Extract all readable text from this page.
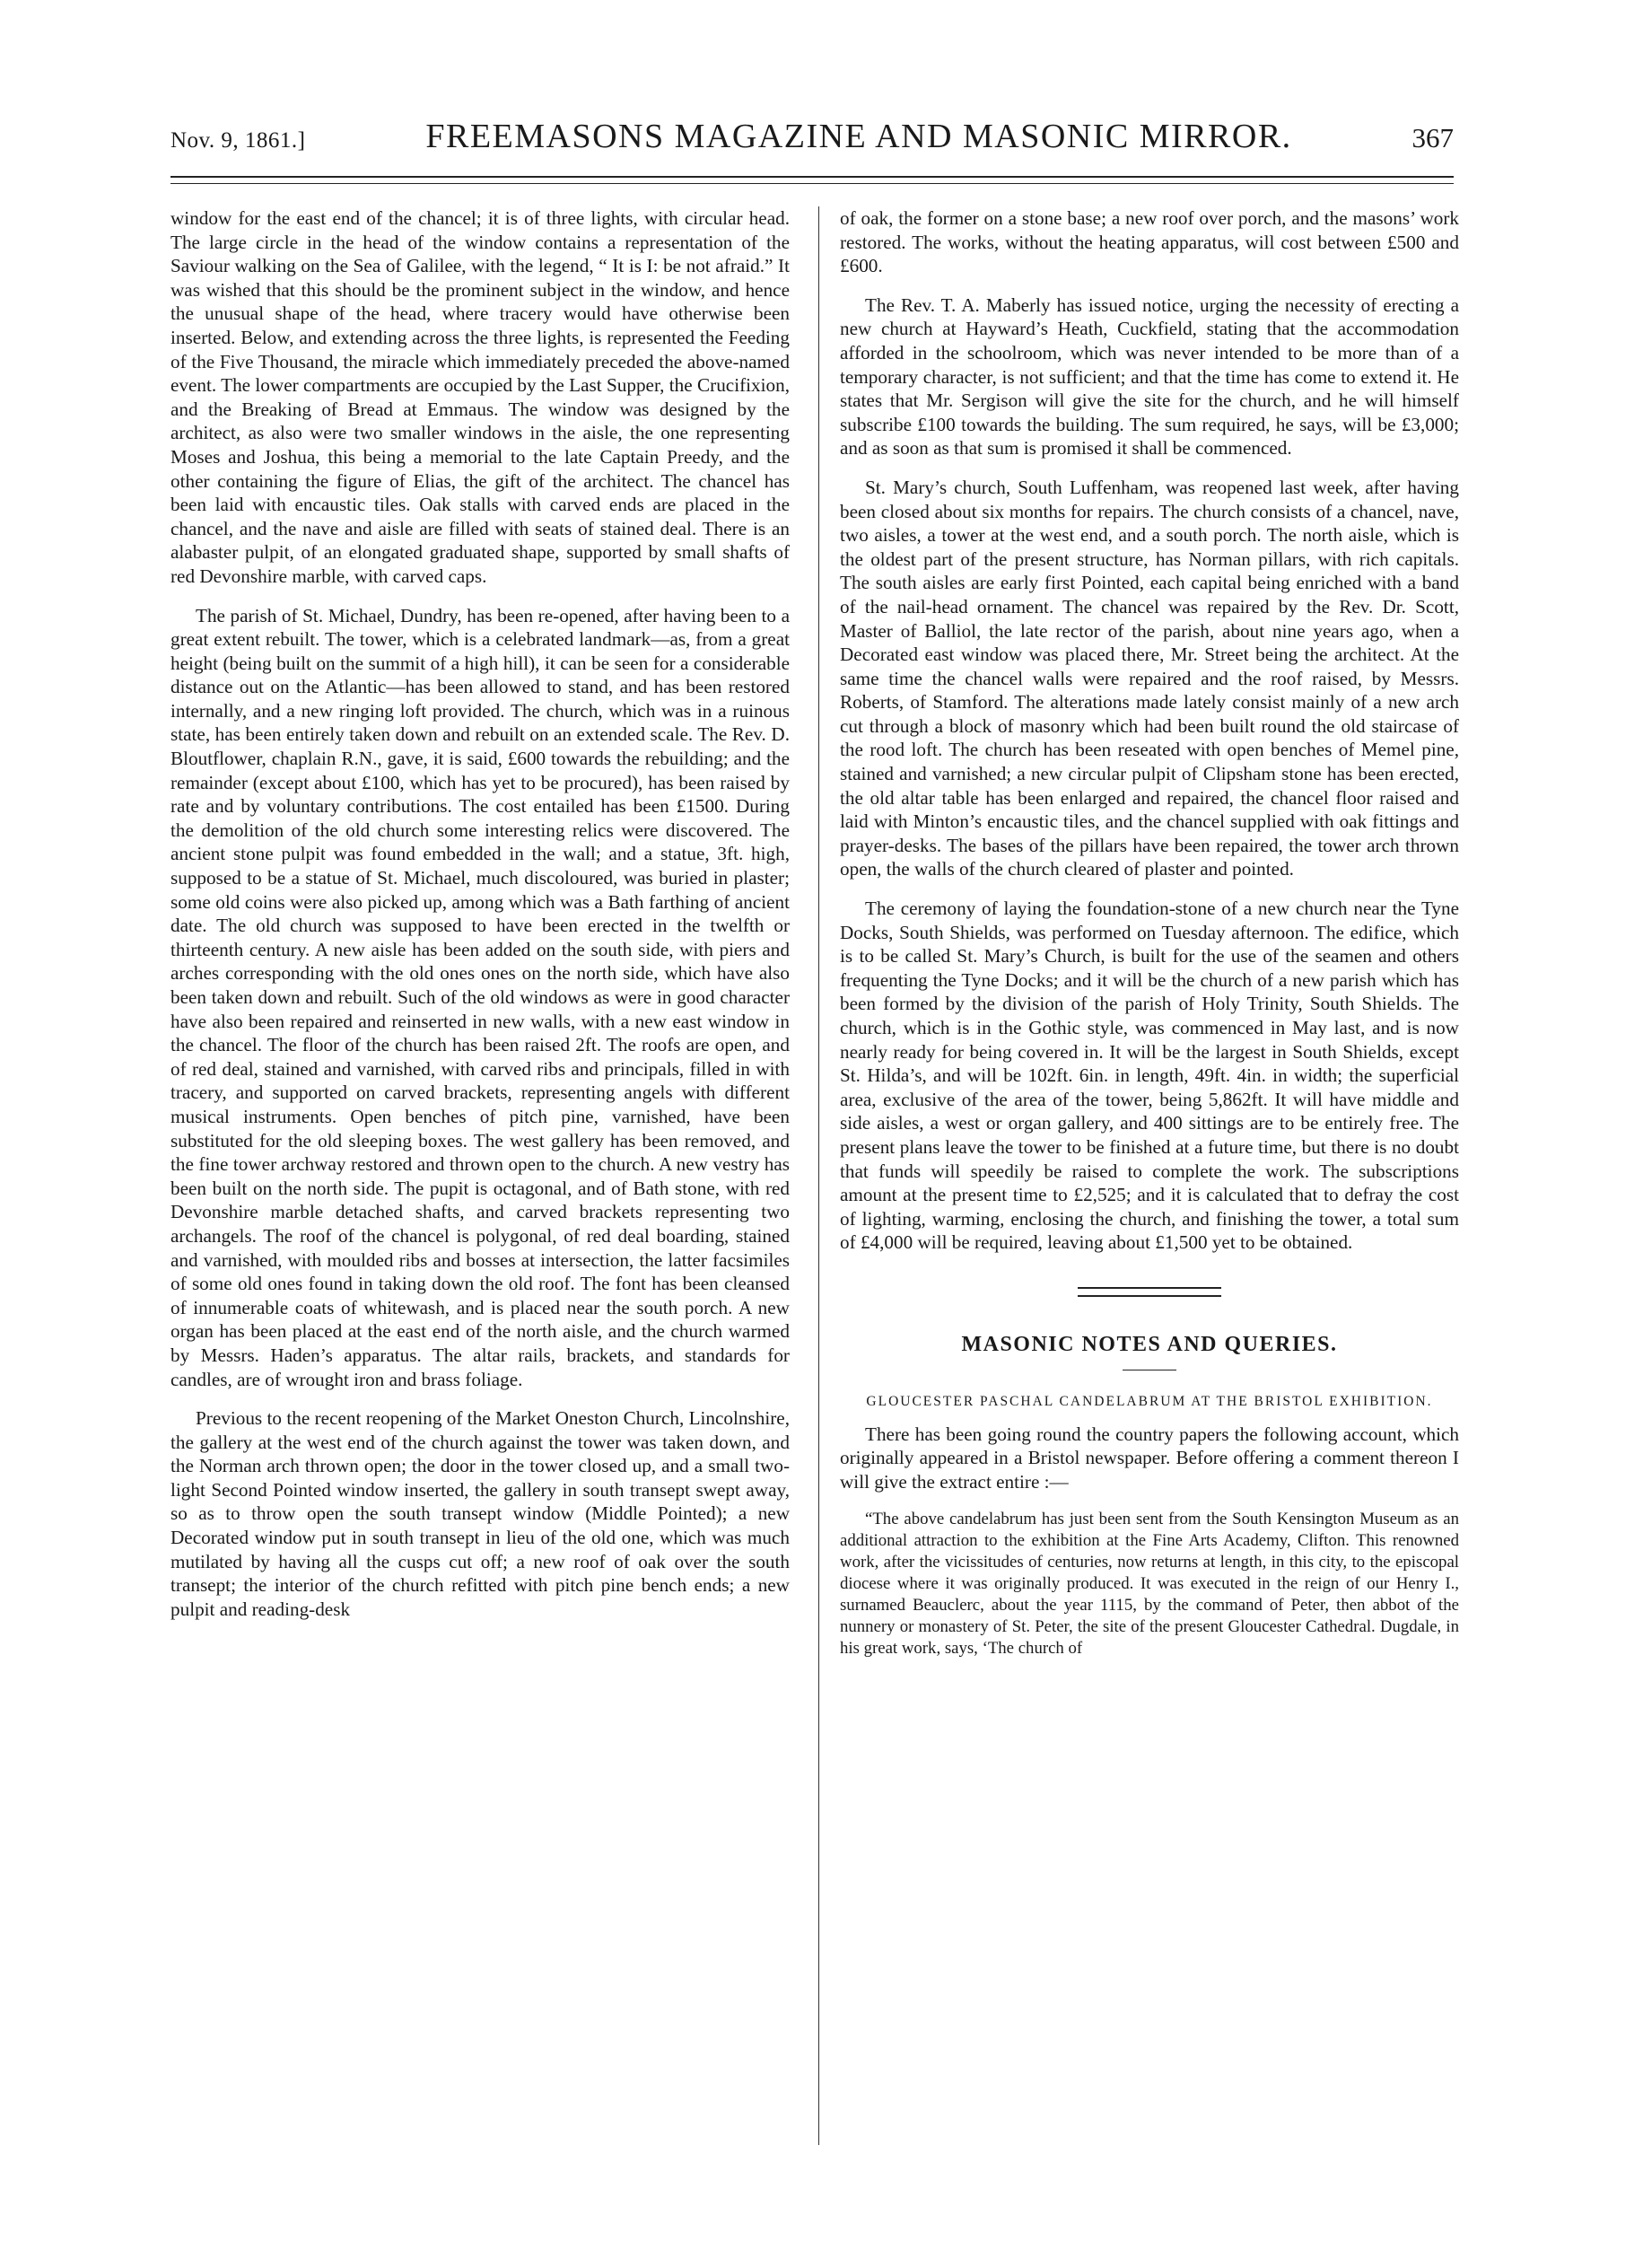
Nov. 9, 1861.]	FREEMASONS MAGAZINE AND MASONIC MIRROR.	367

window for the east end of the chancel; it is of three lights, with circular head. The large circle in the head of the window contains a representation of the Saviour walking on the Sea of Galilee, with the legend, “ It is I: be not afraid.” It was wished that this should be the prominent subject in the window, and hence the unusual shape of the head, where tracery would have otherwise been inserted. Below, and extending across the three lights, is represented the Feeding of the Five Thousand, the miracle which immediately preceded the above-named event. The lower compartments are occupied by the Last Supper, the Crucifixion, and the Breaking of Bread at Emmaus. The window was designed by the architect, as also were two smaller windows in the aisle, the one representing Moses and Joshua, this being a memorial to the late Captain Preedy, and the other containing the figure of Elias, the gift of the architect. The chancel has been laid with encaustic tiles. Oak stalls with carved ends are placed in the chancel, and the nave and aisle are filled with seats of stained deal. There is an alabaster pulpit, of an elongated graduated shape, supported by small shafts of red Devonshire marble, with carved caps.

The parish of St. Michael, Dundry, has been re-opened, after having been to a great extent rebuilt. The tower, which is a celebrated landmark—as, from a great height (being built on the summit of a high hill), it can be seen for a considerable distance out on the Atlantic—has been allowed to stand, and has been restored internally, and a new ringing loft provided. The church, which was in a ruinous state, has been entirely taken down and rebuilt on an extended scale. The Rev. D. Bloutflower, chaplain R.N., gave, it is said, £600 towards the rebuilding; and the remainder (except about £100, which has yet to be procured), has been raised by rate and by voluntary contributions. The cost entailed has been £1500. During the demolition of the old church some interesting relics were discovered. The ancient stone pulpit was found embedded in the wall; and a statue, 3ft. high, supposed to be a statue of St. Michael, much discoloured, was buried in plaster; some old coins were also picked up, among which was a Bath farthing of ancient date. The old church was supposed to have been erected in the twelfth or thirteenth century. A new aisle has been added on the south side, with piers and arches corresponding with the old ones ones on the north side, which have also been taken down and rebuilt. Such of the old windows as were in good character have also been repaired and reinserted in new walls, with a new east window in the chancel. The floor of the church has been raised 2ft. The roofs are open, and of red deal, stained and varnished, with carved ribs and principals, filled in with tracery, and supported on carved brackets, representing angels with different musical instruments. Open benches of pitch pine, varnished, have been substituted for the old sleeping boxes. The west gallery has been removed, and the fine tower archway restored and thrown open to the church. A new vestry has been built on the north side. The pupit is octagonal, and of Bath stone, with red Devonshire marble detached shafts, and carved brackets representing two archangels. The roof of the chancel is polygonal, of red deal boarding, stained and varnished, with moulded ribs and bosses at intersection, the latter facsimiles of some old ones found in taking down the old roof. The font has been cleansed of innumerable coats of whitewash, and is placed near the south porch. A new organ has been placed at the east end of the north aisle, and the church warmed by Messrs. Haden’s apparatus. The altar rails, brackets, and standards for candles, are of wrought iron and brass foliage.

Previous to the recent reopening of the Market Oneston Church, Lincolnshire, the gallery at the west end of the church against the tower was taken down, and the Norman arch thrown open; the door in the tower closed up, and a small two-light Second Pointed window inserted, the gallery in south transept swept away, so as to throw open the south transept window (Middle Pointed); a new Decorated window put in south transept in lieu of the old one, which was much mutilated by having all the cusps cut off; a new roof of oak over the south transept; the interior of the church refitted with pitch pine bench ends; a new pulpit and reading-desk

of oak, the former on a stone base; a new roof over porch, and the masons’ work restored. The works, without the heating apparatus, will cost between £500 and £600.

The Rev. T. A. Maberly has issued notice, urging the necessity of erecting a new church at Hayward’s Heath, Cuckfield, stating that the accommodation afforded in the schoolroom, which was never intended to be more than of a temporary character, is not sufficient; and that the time has come to extend it. He states that Mr. Sergison will give the site for the church, and he will himself subscribe £100 towards the building. The sum required, he says, will be £3,000; and as soon as that sum is promised it shall be commenced.

St. Mary’s church, South Luffenham, was reopened last week, after having been closed about six months for repairs. The church consists of a chancel, nave, two aisles, a tower at the west end, and a south porch. The north aisle, which is the oldest part of the present structure, has Norman pillars, with rich capitals. The south aisles are early first Pointed, each capital being enriched with a band of the nail-head ornament. The chancel was repaired by the Rev. Dr. Scott, Master of Balliol, the late rector of the parish, about nine years ago, when a Decorated east window was placed there, Mr. Street being the architect. At the same time the chancel walls were repaired and the roof raised, by Messrs. Roberts, of Stamford. The alterations made lately consist mainly of a new arch cut through a block of masonry which had been built round the old staircase of the rood loft. The church has been reseated with open benches of Memel pine, stained and varnished; a new circular pulpit of Clipsham stone has been erected, the old altar table has been enlarged and repaired, the chancel floor raised and laid with Minton’s encaustic tiles, and the chancel supplied with oak fittings and prayer-desks. The bases of the pillars have been repaired, the tower arch thrown open, the walls of the church cleared of plaster and pointed.

The ceremony of laying the foundation-stone of a new church near the Tyne Docks, South Shields, was performed on Tuesday afternoon. The edifice, which is to be called St. Mary’s Church, is built for the use of the seamen and others frequenting the Tyne Docks; and it will be the church of a new parish which has been formed by the division of the parish of Holy Trinity, South Shields. The church, which is in the Gothic style, was commenced in May last, and is now nearly ready for being covered in. It will be the largest in South Shields, except St. Hilda’s, and will be 102ft. 6in. in length, 49ft. 4in. in width; the superficial area, exclusive of the area of the tower, being 5,862ft. It will have middle and side aisles, a west or organ gallery, and 400 sittings are to be entirely free. The present plans leave the tower to be finished at a future time, but there is no doubt that funds will speedily be raised to complete the work. The subscriptions amount at the present time to £2,525; and it is calculated that to defray the cost of lighting, warming, enclosing the church, and finishing the tower, a total sum of £4,000 will be required, leaving about £1,500 yet to be obtained.

MASONIC NOTES AND QUERIES.
GLOUCESTER PASCHAL CANDELABRUM AT THE BRISTOL EXHIBITION.

There has been going round the country papers the following account, which originally appeared in a Bristol newspaper. Before offering a comment thereon I will give the extract entire :—

“The above candelabrum has just been sent from the South Kensington Museum as an additional attraction to the exhibition at the Fine Arts Academy, Clifton. This renowned work, after the vicissitudes of centuries, now returns at length, in this city, to the episcopal diocese where it was originally produced. It was executed in the reign of our Henry I., surnamed Beauclerc, about the year 1115, by the command of Peter, then abbot of the nunnery or monastery of St. Peter, the site of the present Gloucester Cathedral. Dugdale, in his great work, says, ‘The church of
